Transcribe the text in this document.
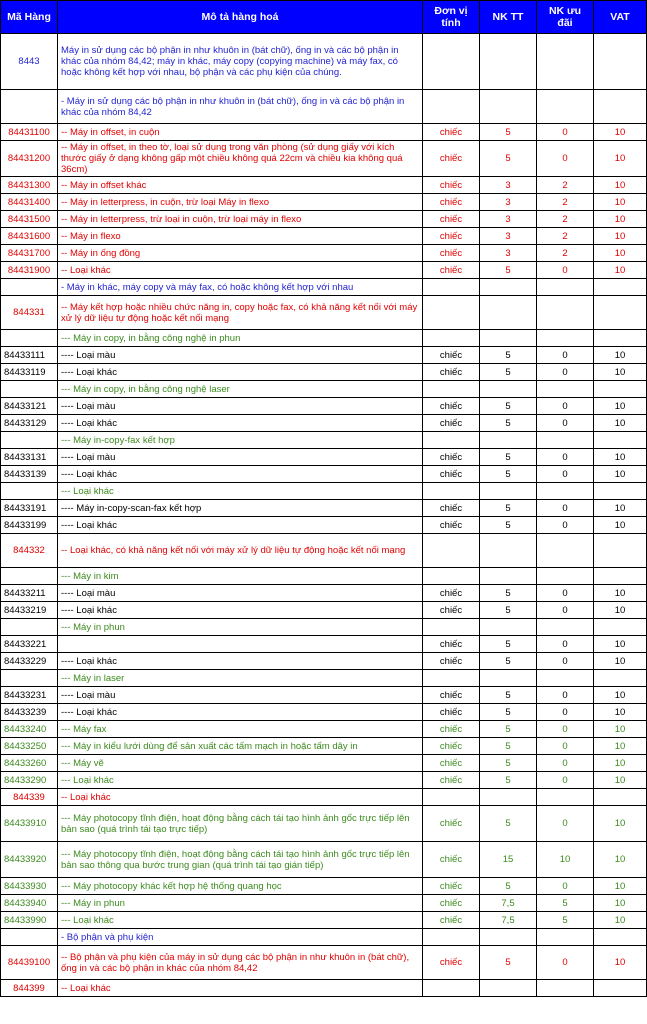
Mã Hàng	Mô tả hàng hoá	Đơn vị tính	NK TT	NK ưu đãi	VAT
8443	Máy in sử dụng các bộ phận in như khuôn in (bát chữ), ống in và các bộ phận in khác của nhóm 84,42; máy in khác, máy copy (copying machine) và máy fax, có hoặc không kết hợp với nhau, bộ phận và các phụ kiện của chúng.				
	- Máy in sử dụng các bộ phận in như khuôn in (bát chữ), ống in và các bộ phận in khác của nhóm 84,42				
84431100	-- Máy in offset, in cuộn	chiếc	5	0	10
84431200	-- Máy in offset, in theo tờ, loại sử dụng trong văn phòng (sử dụng giấy với kích thước giấy ở dạng không gấp một chiều không quá 22cm và chiều kia không quá 36cm)	chiếc	5	0	10
84431300	-- Máy in offset khác	chiếc	3	2	10
84431400	-- Máy in letterpress, in cuộn, trừ loại Máy in flexo	chiếc	3	2	10
84431500	-- Máy in letterpress, trừ loại in cuộn, trừ loại máy in flexo	chiếc	3	2	10
84431600	-- Máy in flexo	chiếc	3	2	10
84431700	-- Máy in ống đồng	chiếc	3	2	10
84431900	-- Loại khác	chiếc	5	0	10
	- Máy in khác, máy copy và máy fax, có hoặc không kết hợp với nhau				
844331	-- Máy kết hợp hoặc nhiều chức năng in, copy hoặc fax, có khả năng kết nối với máy xử lý dữ liệu tự động hoặc kết nối mạng				
	--- Máy in copy, in bằng công nghệ in phun				
84433111	---- Loại màu	chiếc	5	0	10
84433119	---- Loại khác	chiếc	5	0	10
	--- Máy in copy, in bằng công nghệ laser				
84433121	---- Loại màu	chiếc	5	0	10
84433129	---- Loại khác	chiếc	5	0	10
	--- Máy in-copy-fax kết hợp				
84433131	---- Loại màu	chiếc	5	0	10
84433139	---- Loại khác	chiếc	5	0	10
	--- Loại khác				
84433191	---- Máy in-copy-scan-fax kết hợp	chiếc	5	0	10
84433199	---- Loại khác	chiếc	5	0	10
844332	-- Loại khác, có khả năng kết nối với máy xử lý dữ liệu tự động hoặc kết nối mạng				
	--- Máy in kim				
84433211	---- Loại màu	chiếc	5	0	10
84433219	---- Loại khác	chiếc	5	0	10
	--- Máy in phun				
84433221		chiếc	5	0	10
84433229	---- Loại khác	chiếc	5	0	10
	--- Máy in laser				
84433231	---- Loại màu	chiếc	5	0	10
84433239	---- Loại khác	chiếc	5	0	10
84433240	--- Máy fax	chiếc	5	0	10
84433250	--- Máy in kiểu lưới dùng để sản xuất các tấm mạch in hoặc tấm dây in	chiếc	5	0	10
84433260	--- Máy vẽ	chiếc	5	0	10
84433290	--- Loại khác	chiếc	5	0	10
844339	-- Loại khác				
84433910	--- Máy photocopy tĩnh điện, hoạt động bằng cách tái tạo hình ảnh gốc trực tiếp lên bản sao (quá trình tái tạo trực tiếp)	chiếc	5	0	10
84433920	--- Máy photocopy tĩnh điện, hoạt động bằng cách tái tạo hình ảnh gốc trực tiếp lên bản sao thông qua bước trung gian (quá trình tái tạo gián tiếp)	chiếc	15	10	10
84433930	--- Máy photocopy khác kết hợp hệ thống quang học	chiếc	5	0	10
84433940	--- Máy in phun	chiếc	7,5	5	10
84433990	--- Loại khác	chiếc	7,5	5	10
	- Bộ phận và phụ kiện				
84439100	-- Bộ phận và phụ kiện của máy in sử dụng các bộ phận in như khuôn in (bát chữ), ống in và các bộ phận in khác của nhóm 84,42	chiếc	5	0	10
844399	-- Loại khác				
